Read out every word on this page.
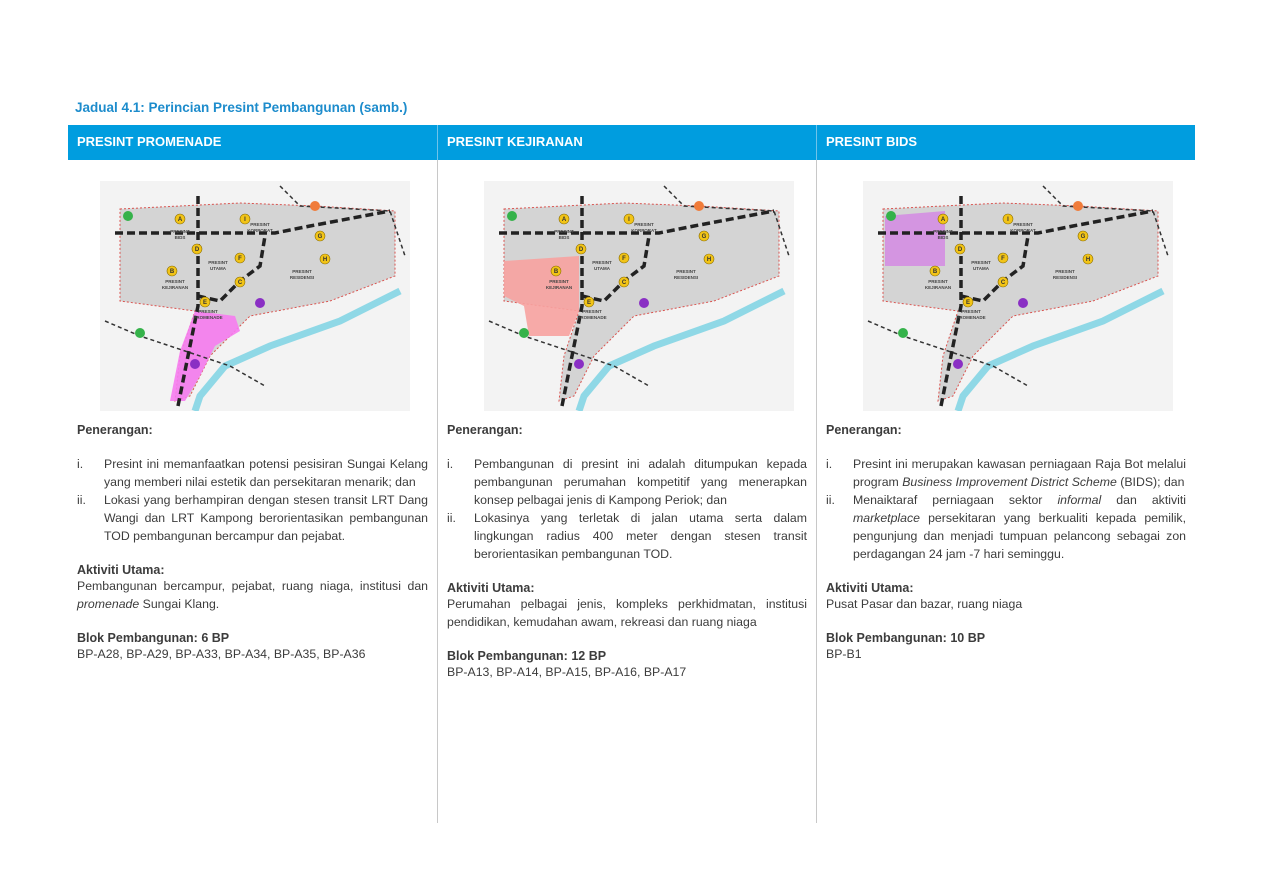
Jadual 4.1: Perincian Presint Pembangunan (samb.)
PRESINT PROMENADE	PRESINT KEJIRANAN	PRESINT BIDS
A
B
C
D
E
F
G
H
I
PRESINT
BIDS
PRESINT
KORPORAT
PRESINT
UTAMA
PRESINT
KEJIRANAN
PRESINT
RESIDENSI
PRESINT
PROMENADE
Penerangan:
i.	Presint ini memanfaatkan potensi pesisiran Sungai Kelang yang memberi nilai estetik dan persekitaran menarik; dan
ii.	Lokasi yang berhampiran dengan stesen transit LRT Dang Wangi dan LRT Kampong berorientasikan pembangunan TOD pembangunan bercampur dan pejabat.
Aktiviti Utama:
Pembangunan bercampur, pejabat, ruang niaga, institusi dan promenade Sungai Klang.
Blok Pembangunan: 6 BP
BP-A28, BP-A29, BP-A33, BP-A34, BP-A35, BP-A36
A
B
C
D
E
F
G
H
I
PRESINT
BIDS
PRESINT
KORPORAT
PRESINT
UTAMA
PRESINT
KEJIRANAN
PRESINT
RESIDENSI
PRESINT
PROMENADE
Penerangan:
i.	Pembangunan di presint ini adalah ditumpukan kepada pembangunan perumahan kompetitif yang menerapkan konsep pelbagai jenis di Kampong Periok; dan
ii.	Lokasinya yang terletak di jalan utama serta dalam lingkungan radius 400 meter dengan stesen transit berorientasikan pembangunan TOD.
Aktiviti Utama:
Perumahan pelbagai jenis, kompleks perkhidmatan, institusi pendidikan, kemudahan awam, rekreasi dan ruang niaga
Blok Pembangunan: 12 BP
BP-A13, BP-A14, BP-A15, BP-A16, BP-A17
A
B
C
D
E
F
G
H
I
PRESINT
BIDS
PRESINT
KORPORAT
PRESINT
UTAMA
PRESINT
KEJIRANAN
PRESINT
RESIDENSI
PRESINT
PROMENADE
Penerangan:
i.	Presint ini merupakan kawasan perniagaan Raja Bot melalui program Business Improvement District Scheme (BIDS); dan
ii.	Menaiktaraf perniagaan sektor informal dan aktiviti marketplace persekitaran yang berkualiti kepada pemilik, pengunjung dan menjadi tumpuan pelancong sebagai zon perdagangan 24 jam -7 hari seminggu.
Aktiviti Utama:
Pusat Pasar dan bazar, ruang niaga
Blok Pembangunan: 10 BP
BP-B1
